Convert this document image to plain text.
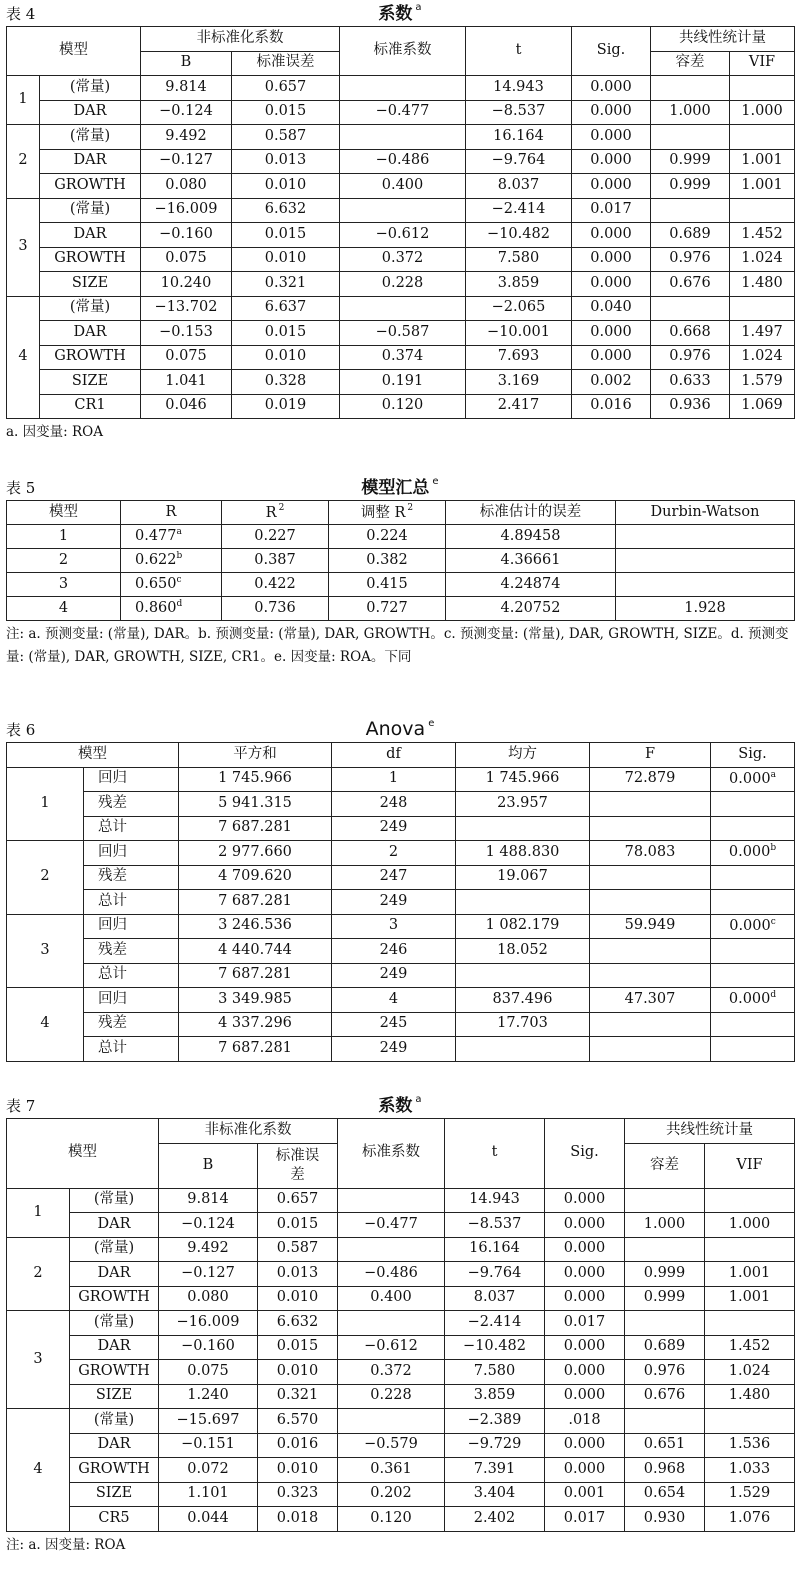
表 4	系数 $^a$
模型		非标准化系数		标准系数	t	Sig.	共线性统计量	
		B	标准误差				容差	VIF
1	(常量)	9.814	0.657		14.943	0.000		
	DAR	−0.124	0.015	−0.477	−8.537	0.000	1.000	1.000
2	(常量)	9.492	0.587		16.164	0.000		
	DAR	−0.127	0.013	−0.486	−9.764	0.000	0.999	1.001
	GROWTH	0.080	0.010	0.400	8.037	0.000	0.999	1.001
3	(常量)	−16.009	6.632		−2.414	0.017		
	DAR	−0.160	0.015	−0.612	−10.482	0.000	0.689	1.452
	GROWTH	0.075	0.010	0.372	7.580	0.000	0.976	1.024
	SIZE	10.240	0.321	0.228	3.859	0.000	0.676	1.480
4	(常量)	−13.702	6.637		−2.065	0.040		
	DAR	−0.153	0.015	−0.587	−10.001	0.000	0.668	1.497
	GROWTH	0.075	0.010	0.374	7.693	0.000	0.976	1.024
	SIZE	1.041	0.328	0.191	3.169	0.002	0.633	1.579
	CR1	0.046	0.019	0.120	2.417	0.016	0.936	1.069
a. 因变量: ROA
表 5	模型汇总 $^e$
模型	R	R $^2$	调整 R $^2$	标准估计的误差	Durbin-Watson
1	0.477$^a$	0.227	0.224	4.89458	
2	0.622$^b$	0.387	0.382	4.36661	
3	0.650$^c$	0.422	0.415	4.24874	
4	0.860$^d$	0.736	0.727	4.20752	1.928
注: a. 预测变量: (常量), DAR。b. 预测变量: (常量), DAR, GROWTH。c. 预测变量: (常量), DAR, GROWTH, SIZE。d. 预测变量: (常量), DAR, GROWTH, SIZE, CR1。e. 因变量: ROA。下同
表 6	Anova $^e$
模型		平方和	df	均方	F	Sig.
1	回归	1 745.966	1	1 745.966	72.879	0.000$^a$
	残差	5 941.315	248	23.957		
	总计	7 687.281	249			
2	回归	2 977.660	2	1 488.830	78.083	0.000$^b$
	残差	4 709.620	247	19.067		
	总计	7 687.281	249			
3	回归	3 246.536	3	1 082.179	59.949	0.000$^c$
	残差	4 440.744	246	18.052		
	总计	7 687.281	249			
4	回归	3 349.985	4	837.496	47.307	0.000$^d$
	残差	4 337.296	245	17.703		
	总计	7 687.281	249			
表 7	系数 $^a$
模型		非标准化系数		标准系数	t	Sig.	共线性统计量	
		B	标准误差				容差	VIF
1	(常量)	9.814	0.657		14.943	0.000		
	DAR	−0.124	0.015	−0.477	−8.537	0.000	1.000	1.000
2	(常量)	9.492	0.587		16.164	0.000		
	DAR	−0.127	0.013	−0.486	−9.764	0.000	0.999	1.001
	GROWTH	0.080	0.010	0.400	8.037	0.000	0.999	1.001
3	(常量)	−16.009	6.632		−2.414	0.017		
	DAR	−0.160	0.015	−0.612	−10.482	0.000	0.689	1.452
	GROWTH	0.075	0.010	0.372	7.580	0.000	0.976	1.024
	SIZE	1.240	0.321	0.228	3.859	0.000	0.676	1.480
4	(常量)	−15.697	6.570		−2.389	.018		
	DAR	−0.151	0.016	−0.579	−9.729	0.000	0.651	1.536
	GROWTH	0.072	0.010	0.361	7.391	0.000	0.968	1.033
	SIZE	1.101	0.323	0.202	3.404	0.001	0.654	1.529
	CR5	0.044	0.018	0.120	2.402	0.017	0.930	1.076
注: a. 因变量: ROA
